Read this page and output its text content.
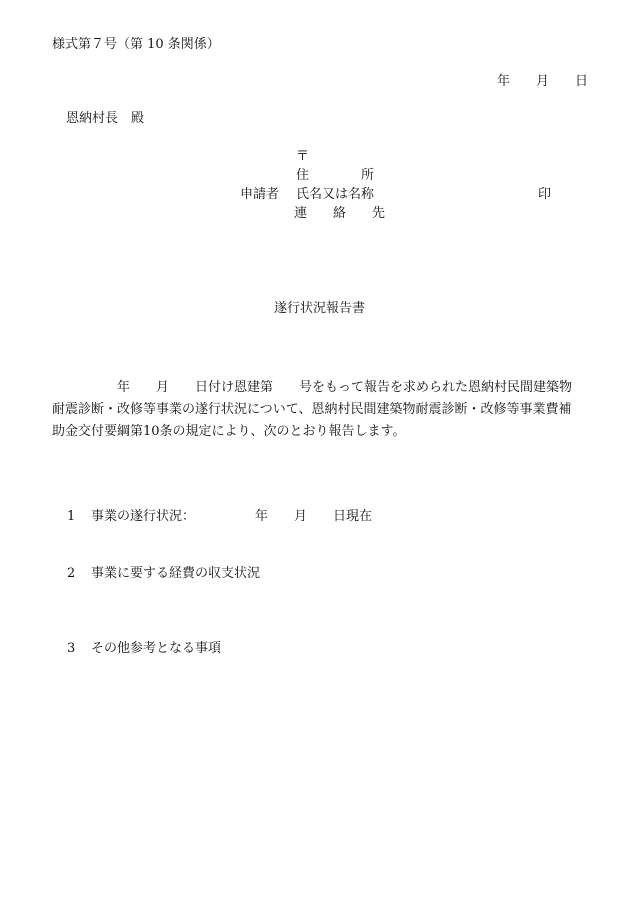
様式第７号（第 10 条関係）
年　　月　　日
恩納村長　殿
〒
住　　　　所
申請者 氏名又は名称	印
連　　絡　　先
遂行状況報告書
　　　　　年　　月　　日付け恩建第　　号をもって報告を求められた恩納村民間建築物
耐震診断・改修等事業の遂行状況について、恩納村民間建築物耐震診断・改修等事業費補
助金交付要綱第10条の規定により、次のとおり報告します。
1 事業の遂行状況：	年　　月　　日現在
2 事業に要する経費の収支状況
3 その他参考となる事項
